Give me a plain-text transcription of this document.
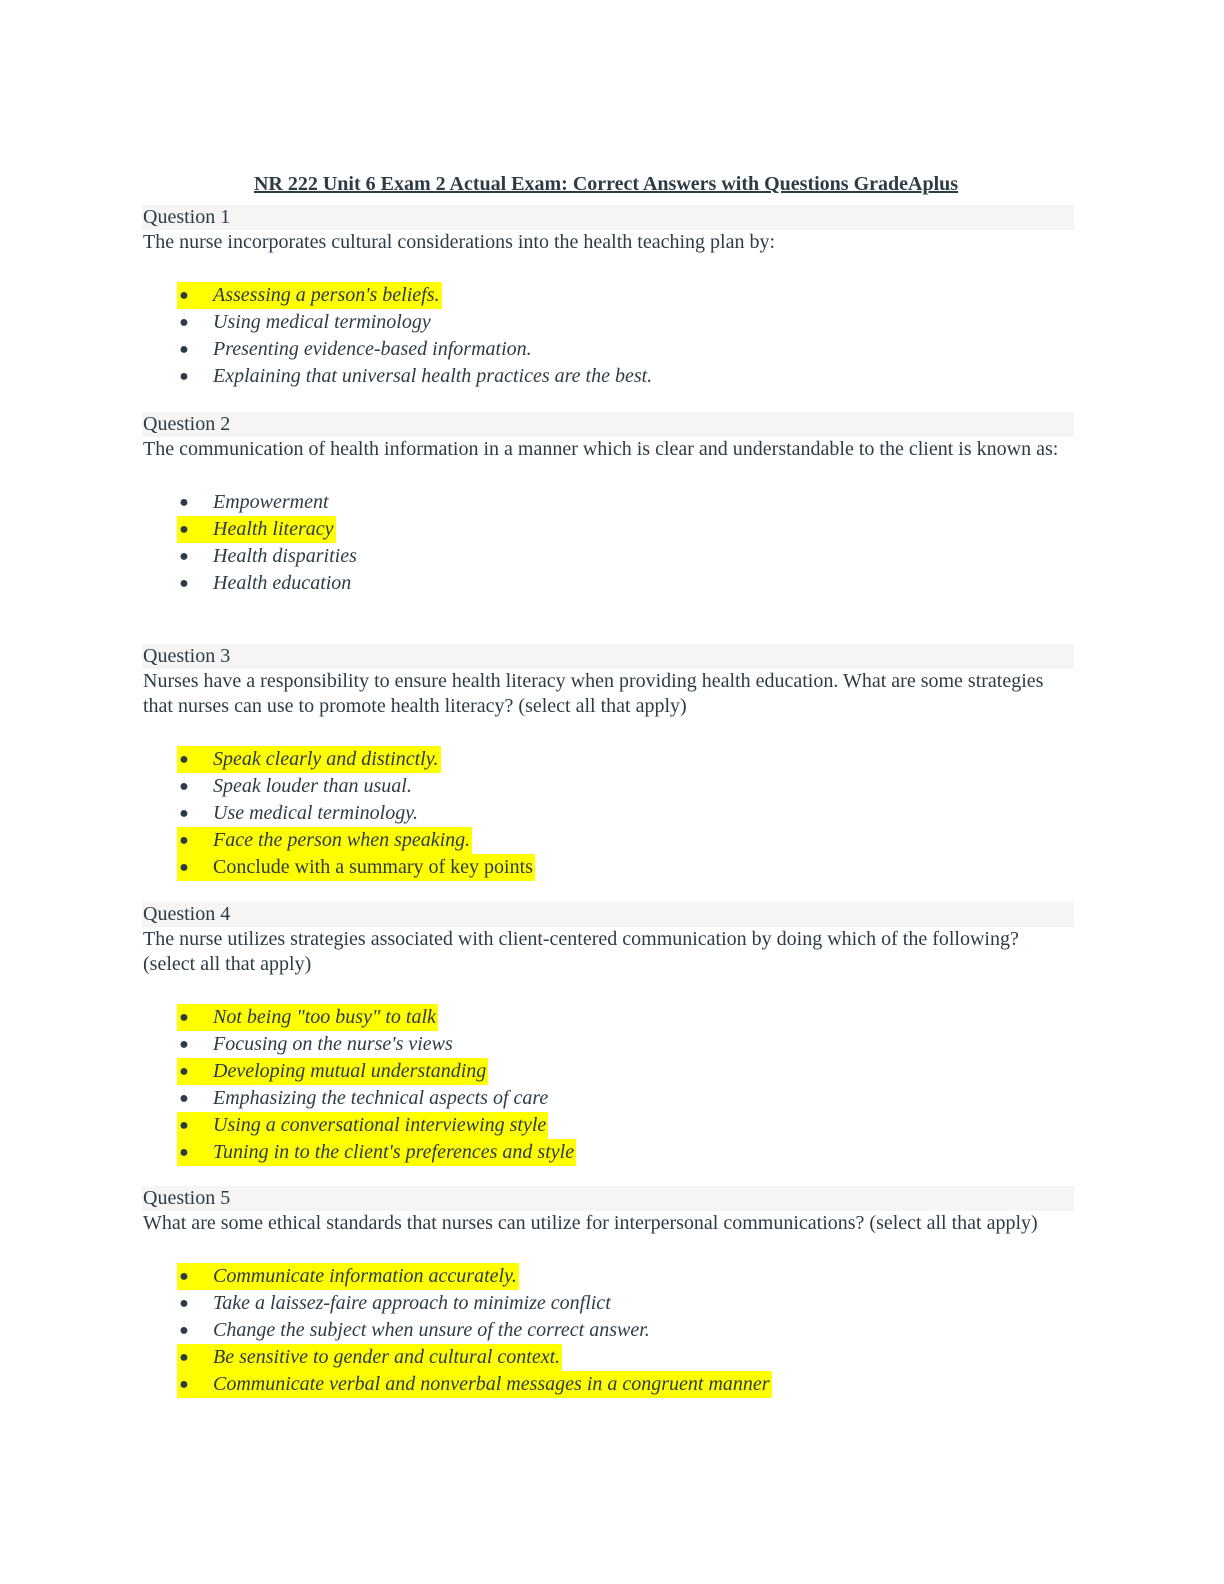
NR 222 Unit 6 Exam 2 Actual Exam: Correct Answers with Questions GradeAplus
Question 1
The nurse incorporates cultural considerations into the health teaching plan by:
● Assessing a person's beliefs.
● Using medical terminology
● Presenting evidence-based information.
● Explaining that universal health practices are the best.
Question 2
The communication of health information in a manner which is clear and understandable to the client is known as:
● Empowerment
● Health literacy
● Health disparities
● Health education
Question 3
Nurses have a responsibility to ensure health literacy when providing health education. What are some strategies that nurses can use to promote health literacy? (select all that apply)
● Speak clearly and distinctly.
● Speak louder than usual.
● Use medical terminology.
● Face the person when speaking.
● Conclude with a summary of key points
Question 4
The nurse utilizes strategies associated with client-centered communication by doing which of the following? (select all that apply)
● Not being "too busy" to talk
● Focusing on the nurse's views
● Developing mutual understanding
● Emphasizing the technical aspects of care
● Using a conversational interviewing style
● Tuning in to the client's preferences and style
Question 5
What are some ethical standards that nurses can utilize for interpersonal communications? (select all that apply)
● Communicate information accurately.
● Take a laissez-faire approach to minimize conflict
● Change the subject when unsure of the correct answer.
● Be sensitive to gender and cultural context.
● Communicate verbal and nonverbal messages in a congruent manner
